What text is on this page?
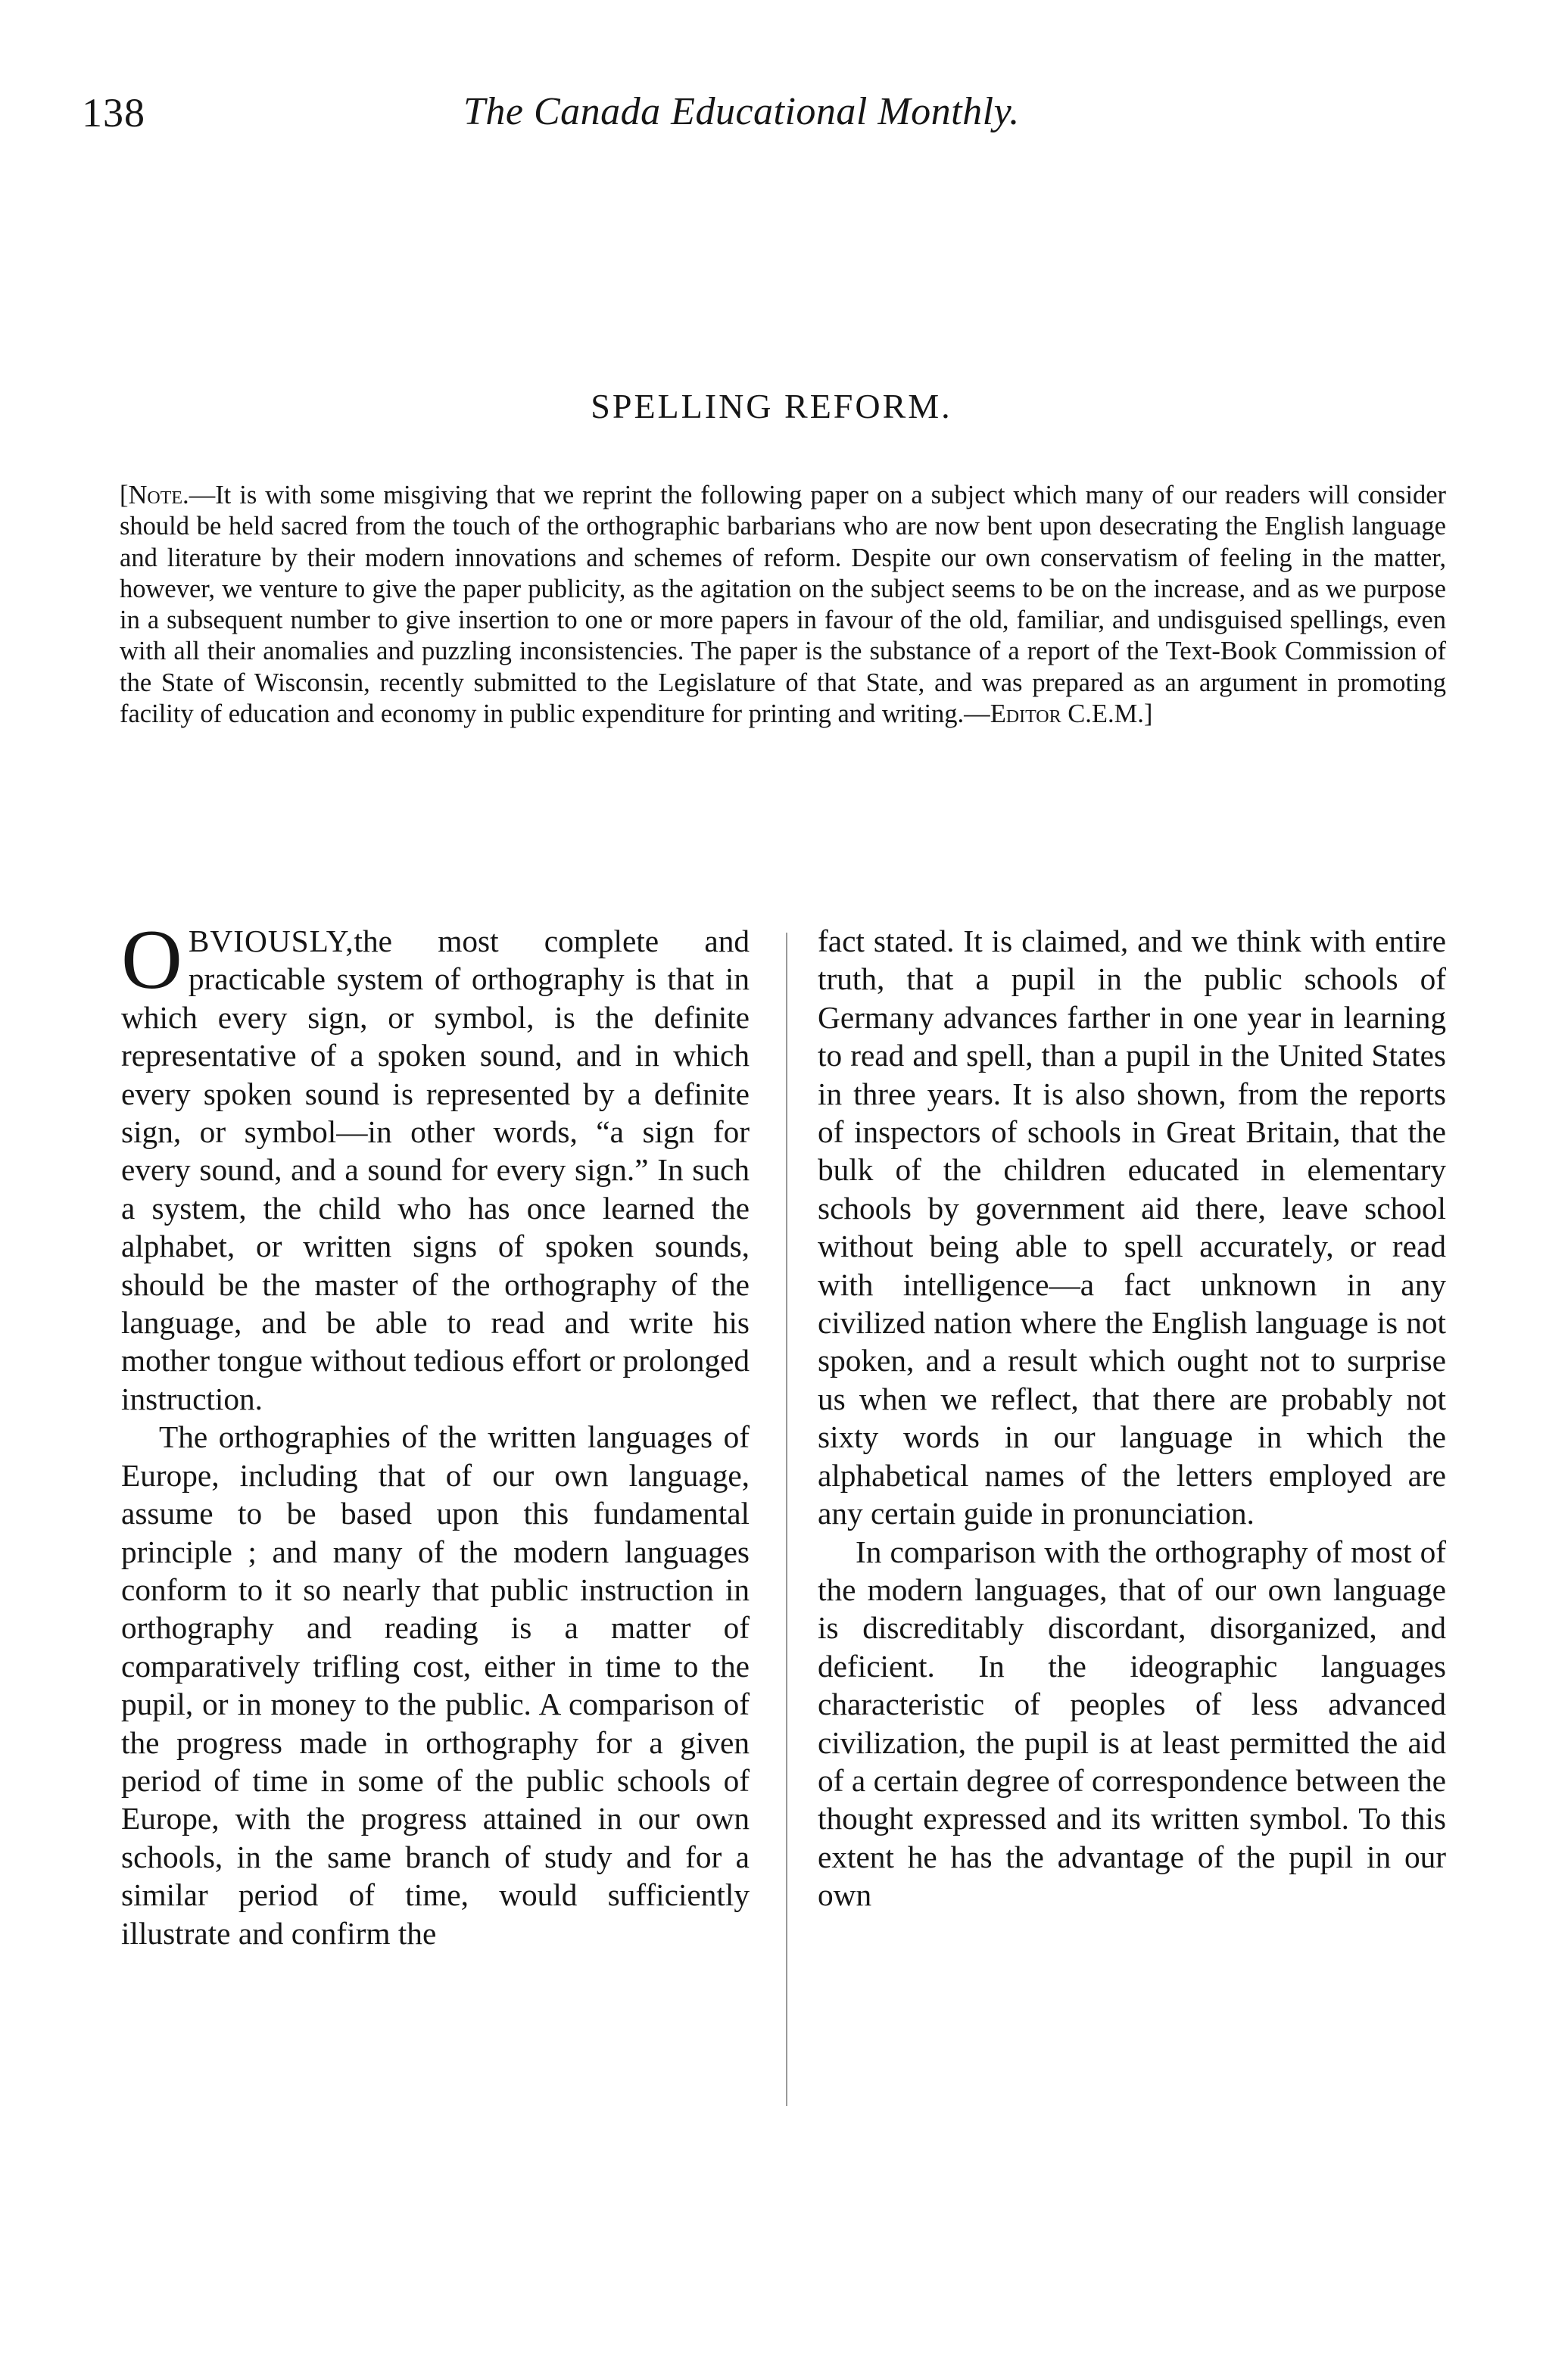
138	The Canada Educational Monthly.
SPELLING REFORM.
[Note.—It is with some misgiving that we reprint the following paper on a subject which many of our readers will consider should be held sacred from the touch of the orthographic barbarians who are now bent upon desecrating the English language and literature by their modern innovations and schemes of reform. Despite our own conservatism of feeling in the matter, however, we venture to give the paper publicity, as the agitation on the subject seems to be on the increase, and as we purpose in a subsequent number to give insertion to one or more papers in favour of the old, familiar, and undisguised spellings, even with all their anomalies and puzzling inconsistencies. The paper is the substance of a report of the Text-Book Commission of the State of Wisconsin, recently submitted to the Legislature of that State, and was prepared as an argument in promoting facility of education and economy in public expenditure for printing and writing.—Editor C.E.M.]

OBVIOUSLY,the most complete and practicable system of orthography is that in which every sign, or symbol, is the definite representative of a spoken sound, and in which every spoken sound is represented by a definite sign, or symbol—in other words, “a sign for every sound, and a sound for every sign.” In such a system, the child who has once learned the alphabet, or written signs of spoken sounds, should be the master of the orthography of the language, and be able to read and write his mother tongue without tedious effort or prolonged instruction.

The orthographies of the written languages of Europe, including that of our own language, assume to be based upon this fundamental principle ; and many of the modern languages conform to it so nearly that public instruction in orthography and reading is a matter of comparatively trifling cost, either in time to the pupil, or in money to the public. A comparison of the progress made in orthography for a given period of time in some of the public schools of Europe, with the progress attained in our own schools, in the same branch of study and for a similar period of time, would sufficiently illustrate and confirm the

fact stated. It is claimed, and we think with entire truth, that a pupil in the public schools of Germany advances farther in one year in learning to read and spell, than a pupil in the United States in three years. It is also shown, from the reports of inspectors of schools in Great Britain, that the bulk of the children educated in elementary schools by government aid there, leave school without being able to spell accurately, or read with intelligence—a fact unknown in any civilized nation where the English language is not spoken, and a result which ought not to surprise us when we reflect, that there are probably not sixty words in our language in which the alphabetical names of the letters employed are any certain guide in pronunciation.

In comparison with the orthography of most of the modern languages, that of our own language is discreditably discordant, disorganized, and deficient. In the ideographic languages characteristic of peoples of less advanced civilization, the pupil is at least permitted the aid of a certain degree of correspondence between the thought expressed and its written symbol. To this extent he has the advantage of the pupil in our own
